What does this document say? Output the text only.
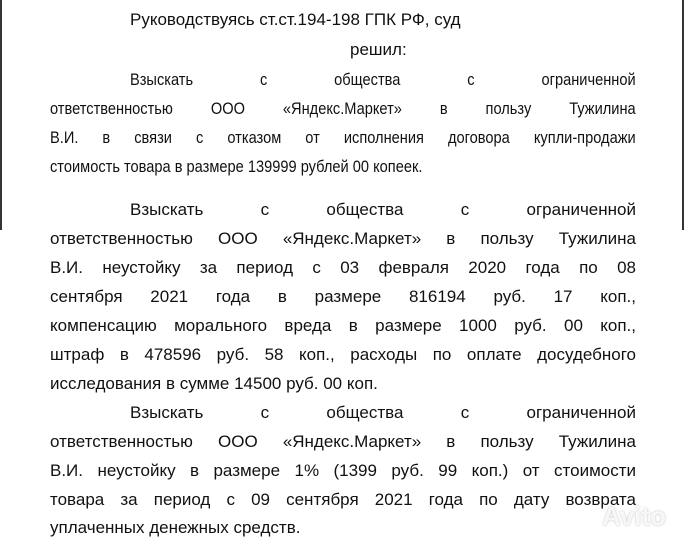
Руководствуясь ст.ст.194-198 ГПК РФ, суд
решил:
Взыскать с общества с ограниченной
ответственностью ООО «Яндекс.Маркет» в пользу Тужилина
В.И. в связи с отказом от исполнения договора купли-продажи
стоимость товара в размере 139999 рублей 00 копеек.
Взыскать с общества с ограниченной
ответственностью ООО «Яндекс.Маркет» в пользу Тужилина
В.И. неустойку за период с 03 февраля 2020 года по 08
сентября 2021 года в размере 816194 руб. 17 коп.,
компенсацию морального вреда в размере 1000 руб. 00 коп.,
штраф в 478596 руб. 58 коп., расходы по оплате досудебного
исследования в сумме 14500 руб. 00 коп.
Взыскать с общества с ограниченной
ответственностью ООО «Яндекс.Маркет» в пользу Тужилина
В.И. неустойку в размере 1% (1399 руб. 99 коп.) от стоимости
товара за период с 09 сентября 2021 года по дату возврата
уплаченных денежных средств.	Avito
